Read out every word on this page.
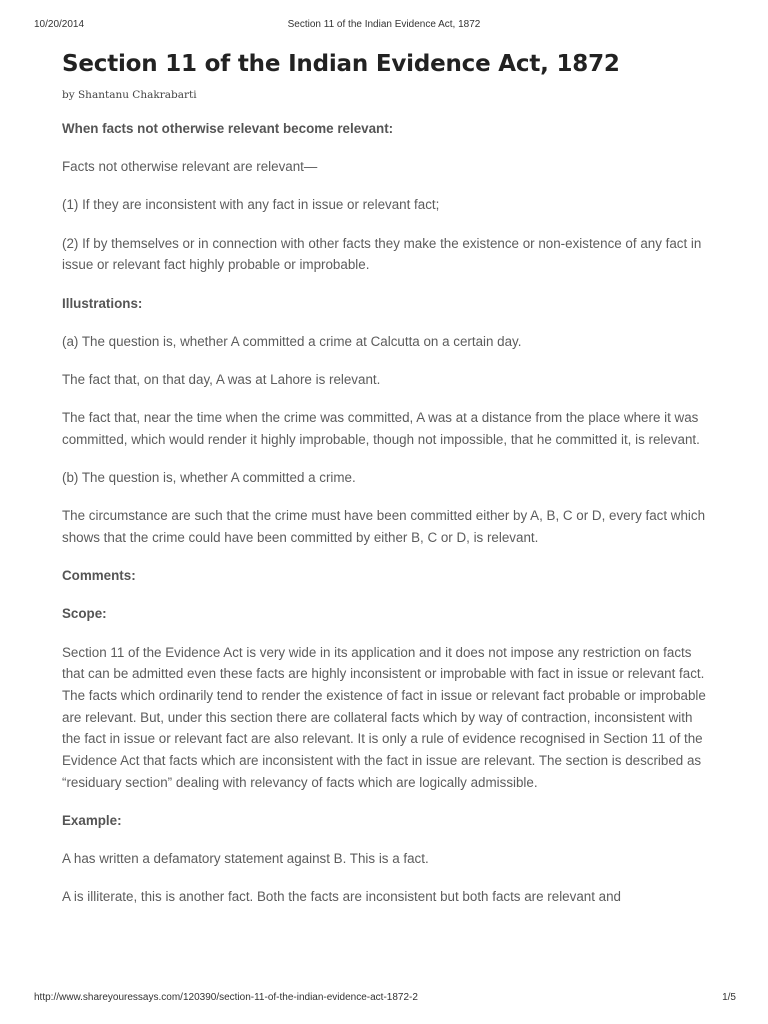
10/20/2014	Section 11 of the Indian Evidence Act, 1872
Section 11 of the Indian Evidence Act, 1872
by Shantanu Chakrabarti

When facts not otherwise relevant become relevant:

Facts not otherwise relevant are relevant—

(1) If they are inconsistent with any fact in issue or relevant fact;

(2) If by themselves or in connection with other facts they make the existence or non-existence of any fact in issue or relevant fact highly probable or improbable.

Illustrations:

(a) The question is, whether A committed a crime at Calcutta on a certain day.

The fact that, on that day, A was at Lahore is relevant.

The fact that, near the time when the crime was committed, A was at a distance from the place where it was committed, which would render it highly improbable, though not impossible, that he committed it, is relevant.

(b) The question is, whether A committed a crime.

The circumstance are such that the crime must have been committed either by A, B, C or D, every fact which shows that the crime could have been committed by either B, C or D, is relevant.

Comments:

Scope:

Section 11 of the Evidence Act is very wide in its application and it does not impose any restriction on facts that can be admitted even these facts are highly inconsistent or improbable with fact in issue or relevant fact. The facts which ordinarily tend to render the existence of fact in issue or relevant fact probable or improbable are relevant. But, under this section there are collateral facts which by way of contraction, inconsistent with the fact in issue or relevant fact are also relevant. It is only a rule of evidence recognised in Section 11 of the Evidence Act that facts which are inconsistent with the fact in issue are relevant. The section is described as “residuary section” dealing with relevancy of facts which are logically admissible.

Example:

A has written a defamatory statement against B. This is a fact.

A is illiterate, this is another fact. Both the facts are inconsistent but both facts are relevant and

http://www.shareyouressays.com/120390/section-11-of-the-indian-evidence-act-1872-2	1/5
